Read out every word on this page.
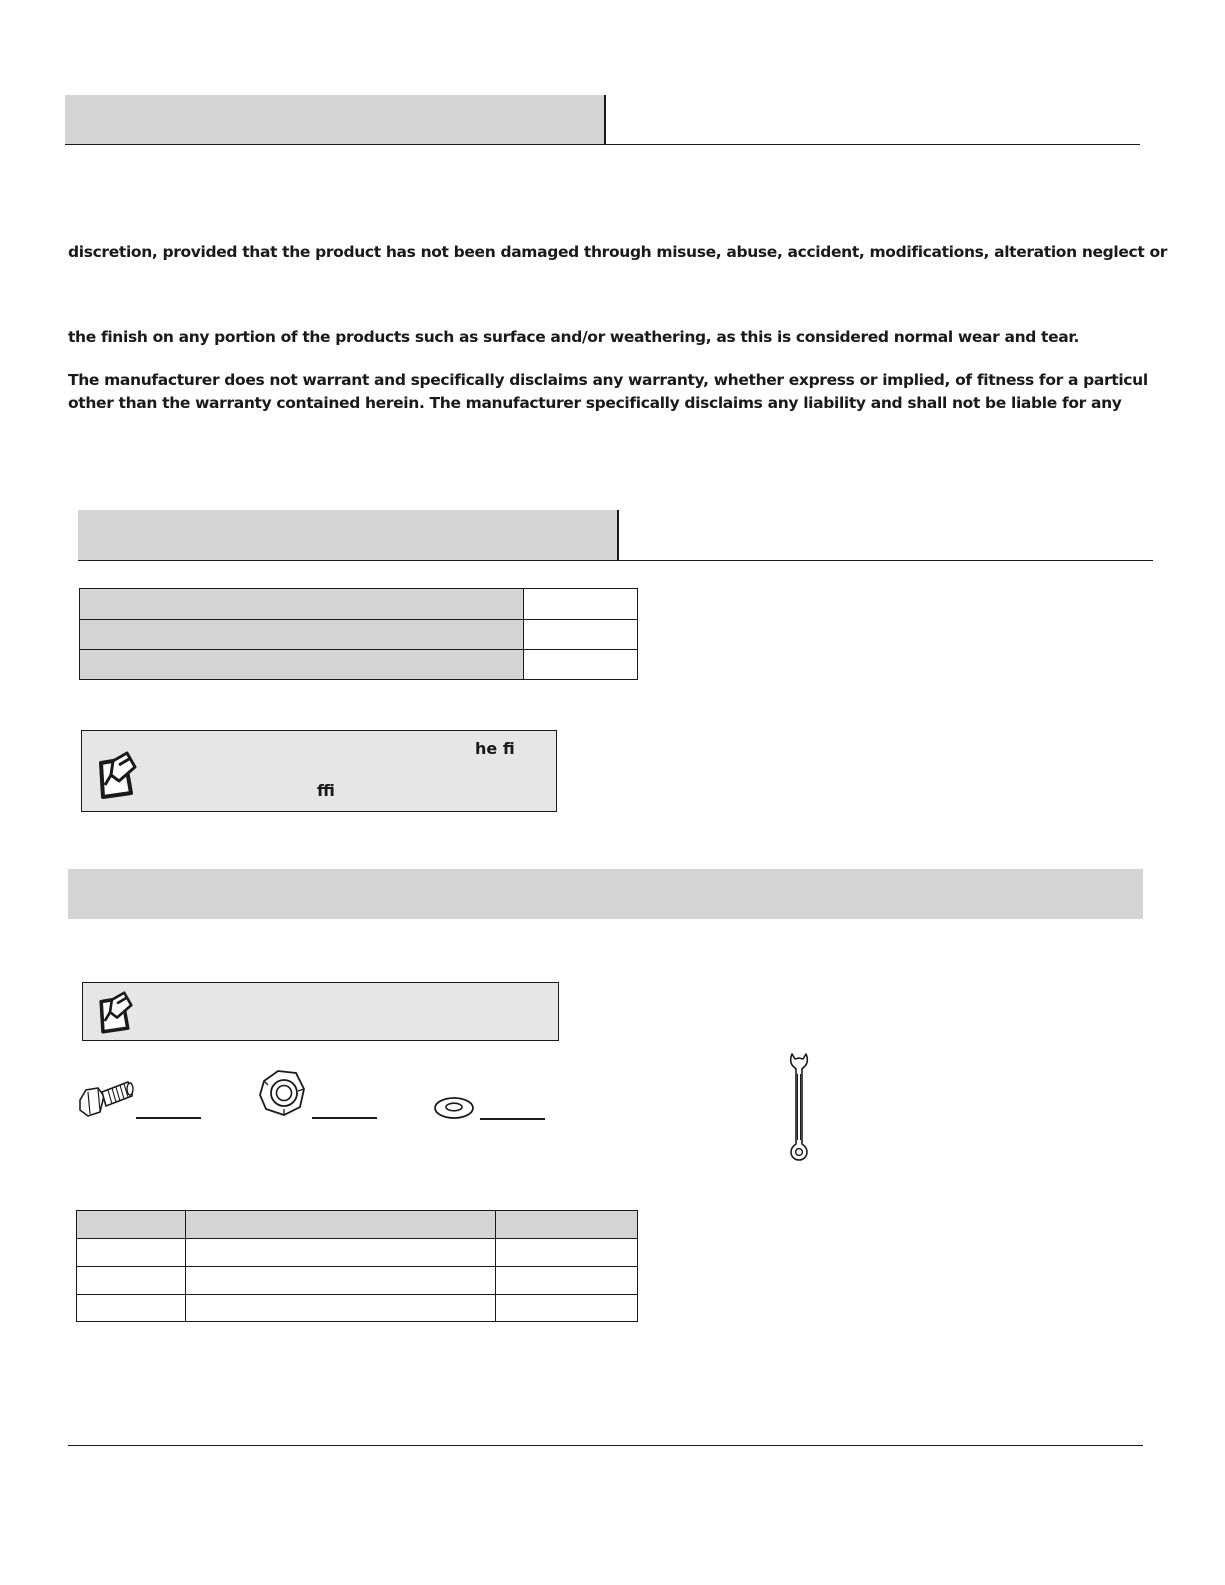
discretion, provided that the product has not been damaged through misuse, abuse, accident, modifications, alteration neglect or
the finish on any portion of the products such as surface and/or weathering, as this is considered normal wear and tear.
The manufacturer does not warrant and specifically disclaims any warranty, whether express or implied, of fitness for a particul
other than the warranty contained herein. The manufacturer specifically disclaims any liability and shall not be liable for any

he fi
ffi
